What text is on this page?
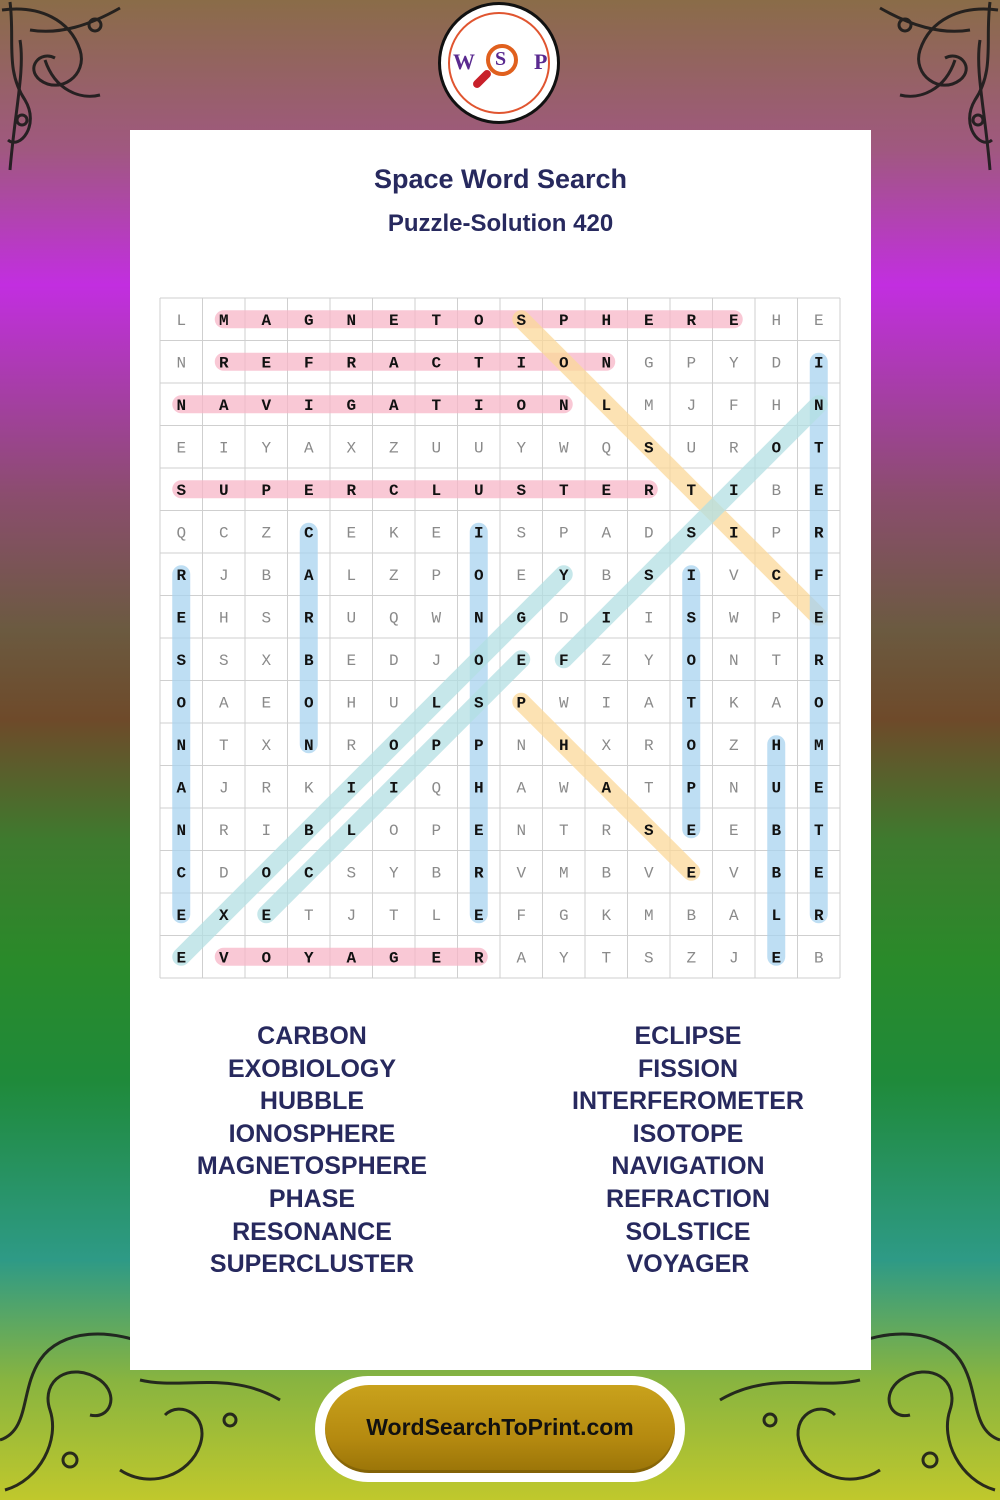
W S P
Space Word Search
Puzzle-Solution 420
L M A G N E T O S P H E R E H E
N R E F R A C T I O N G P Y D I
N A V I G A T I O N L M J F H N
E I Y A X Z U U Y W Q S U R O T
S U P E R C L U S T E R T I B E
Q C Z C E K E I S P A D S I P R
R J B A L Z P O E Y B S I V C F
E H S R U Q W N G D I I S W P E
S S X B E D J O E F Z Y O N T R
O A E O H U L S P W I A T K A O
N T X N R O P P N H X R O Z H M
A J R K I I Q H A W A T P N U E
N R I B L O P E N T R S E E B T
C D O C S Y B R V M B V E V B E
E X E T J T L E F G K M B A L R
E V O Y A G E R A Y T S Z J E B
CARBON
EXOBIOLOGY
HUBBLE
IONOSPHERE
MAGNETOSPHERE
PHASE
RESONANCE
SUPERCLUSTER
ECLIPSE
FISSION
INTERFEROMETER
ISOTOPE
NAVIGATION
REFRACTION
SOLSTICE
VOYAGER
WordSearchToPrint.com
